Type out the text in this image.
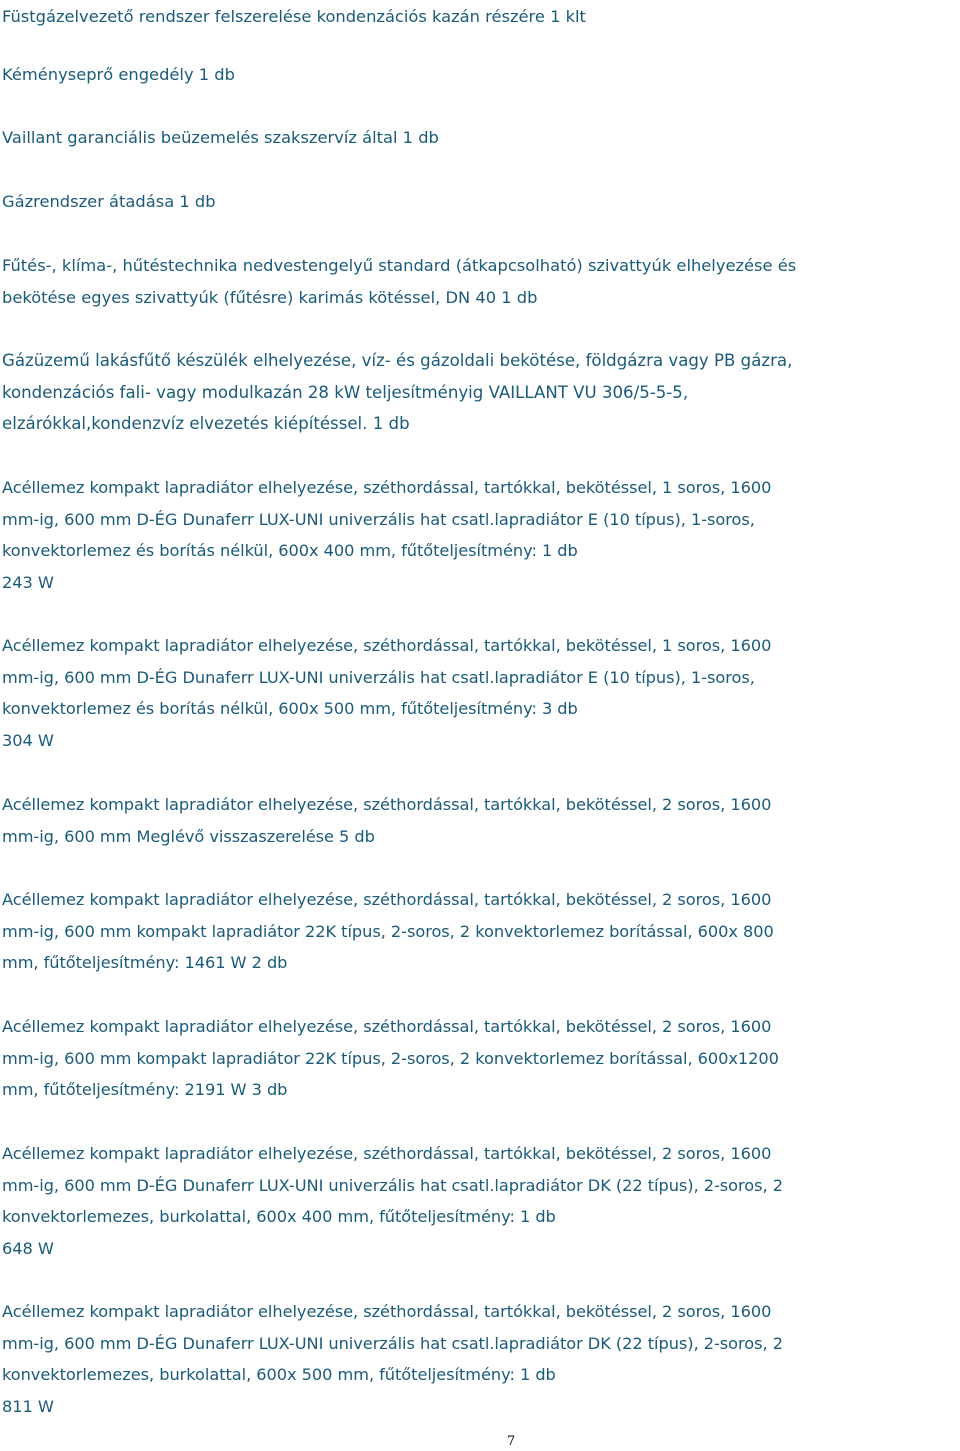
Füstgázelvezető rendszer felszerelése kondenzációs kazán részére 1 klt

Kéményseprő engedély 1 db

Vaillant garanciális beüzemelés szakszervíz által 1 db

Gázrendszer átadása 1 db

Fűtés-, klíma-, hűtéstechnika nedvestengelyű standard (átkapcsolható) szivattyúk elhelyezése és
bekötése egyes szivattyúk (fűtésre) karimás kötéssel, DN 40 1 db

Gázüzemű lakásfűtő készülék elhelyezése, víz- és gázoldali bekötése, földgázra vagy PB gázra,
kondenzációs fali- vagy modulkazán 28 kW teljesítményig VAILLANT VU 306/5-5-5,
elzárókkal,kondenzvíz elvezetés kiépítéssel. 1 db

Acéllemez kompakt lapradiátor elhelyezése, széthordással, tartókkal, bekötéssel, 1 soros, 1600
mm-ig, 600 mm D-ÉG Dunaferr LUX-UNI univerzális hat csatl.lapradiátor E (10 típus), 1-soros,
konvektorlemez és borítás nélkül, 600x 400 mm, fűtőteljesítmény: 1 db
243 W

Acéllemez kompakt lapradiátor elhelyezése, széthordással, tartókkal, bekötéssel, 1 soros, 1600
mm-ig, 600 mm D-ÉG Dunaferr LUX-UNI univerzális hat csatl.lapradiátor E (10 típus), 1-soros,
konvektorlemez és borítás nélkül, 600x 500 mm, fűtőteljesítmény: 3 db
304 W

Acéllemez kompakt lapradiátor elhelyezése, széthordással, tartókkal, bekötéssel, 2 soros, 1600
mm-ig, 600 mm Meglévő visszaszerelése 5 db

Acéllemez kompakt lapradiátor elhelyezése, széthordással, tartókkal, bekötéssel, 2 soros, 1600
mm-ig, 600 mm kompakt lapradiátor 22K típus, 2-soros, 2 konvektorlemez borítással, 600x 800
mm, fűtőteljesítmény: 1461 W 2 db

Acéllemez kompakt lapradiátor elhelyezése, széthordással, tartókkal, bekötéssel, 2 soros, 1600
mm-ig, 600 mm kompakt lapradiátor 22K típus, 2-soros, 2 konvektorlemez borítással, 600x1200
mm, fűtőteljesítmény: 2191 W 3 db

Acéllemez kompakt lapradiátor elhelyezése, széthordással, tartókkal, bekötéssel, 2 soros, 1600
mm-ig, 600 mm D-ÉG Dunaferr LUX-UNI univerzális hat csatl.lapradiátor DK (22 típus), 2-soros, 2
konvektorlemezes, burkolattal, 600x 400 mm, fűtőteljesítmény: 1 db
648 W

Acéllemez kompakt lapradiátor elhelyezése, széthordással, tartókkal, bekötéssel, 2 soros, 1600
mm-ig, 600 mm D-ÉG Dunaferr LUX-UNI univerzális hat csatl.lapradiátor DK (22 típus), 2-soros, 2
konvektorlemezes, burkolattal, 600x 500 mm, fűtőteljesítmény: 1 db
811 W

7
